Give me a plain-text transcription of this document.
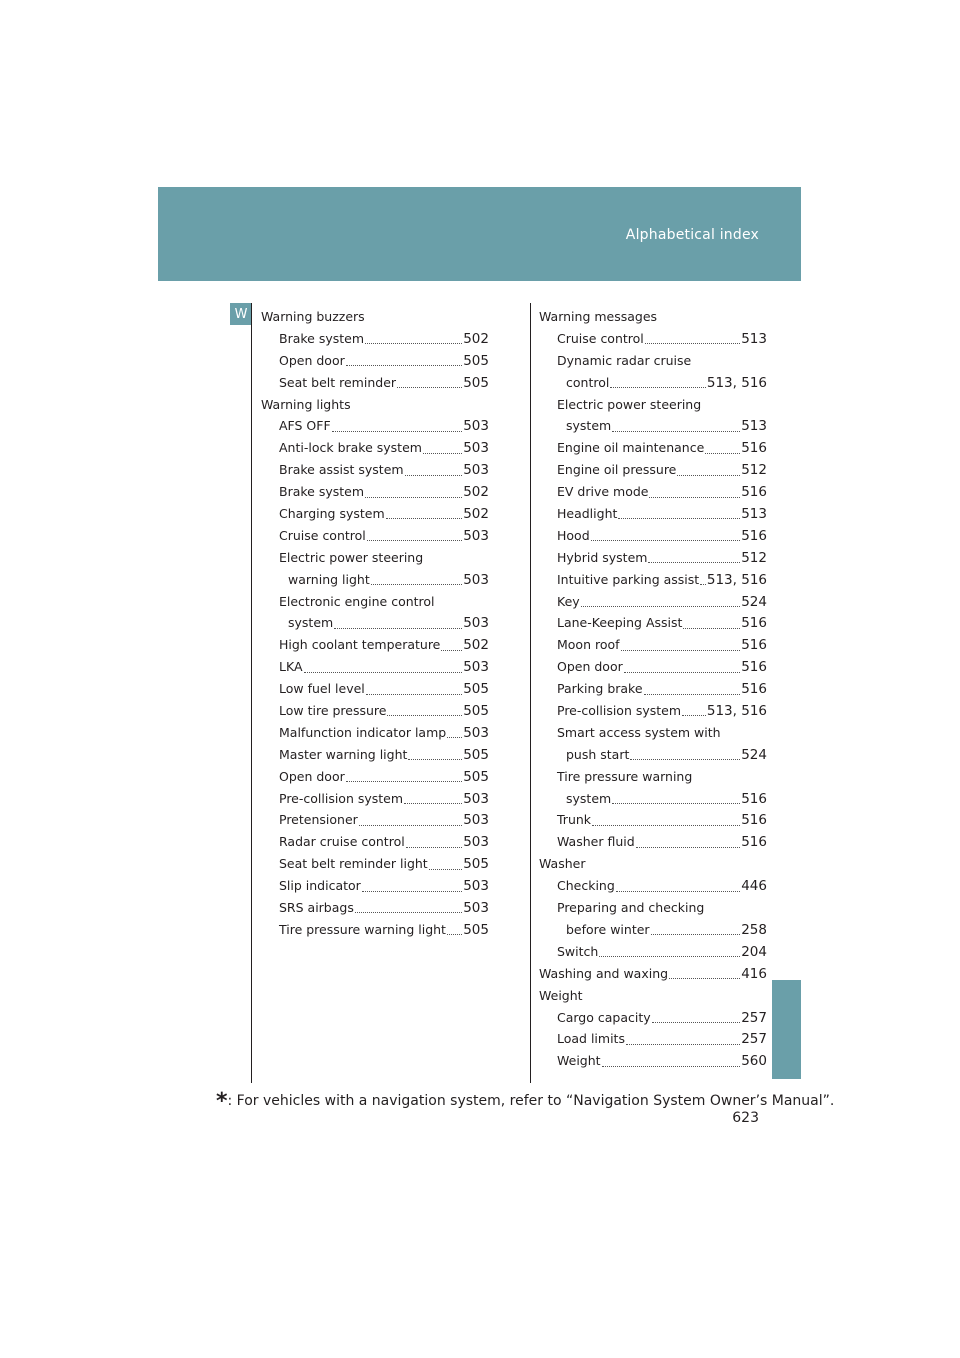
Alphabetical index
W	Warning buzzers
Brake system	502
Open door	505
Seat belt reminder	505
Warning lights
AFS OFF	503
Anti-lock brake system	503
Brake assist system	503
Brake system	502
Charging system	502
Cruise control	503
Electric power steering
warning light	503
Electronic engine control
system	503
High coolant temperature 502
LKA	503
Low fuel level	505
Low tire pressure	505
Malfunction indicator lamp 503
Master warning light	505
Open door	505
Pre-collision system	503
Pretensioner	503
Radar cruise control	503
Seat belt reminder light	505
Slip indicator	503
SRS airbags	503
Tire pressure warning light 505
Warning messages
Cruise control	513
Dynamic radar cruise
control	513, 516
Electric power steering
system	513
Engine oil maintenance	516
Engine oil pressure	512
EV drive mode	516
Headlight	513
Hood	516
Hybrid system	512
Intuitive parking assist 513, 516
Key	524
Lane-Keeping Assist	516
Moon roof	516
Open door	516
Parking brake	516
Pre-collision system 513, 516
Smart access system with
push start	524
Tire pressure warning
system	516
Trunk	516
Washer fluid	516
Washer
Checking	446
Preparing and checking
before winter	258
Switch	204
Washing and waxing	416
Weight
Cargo capacity	257
Load limits	257
Weight	560
*: For vehicles with a navigation system, refer to “Navigation System Owner’s Manual”.
623
